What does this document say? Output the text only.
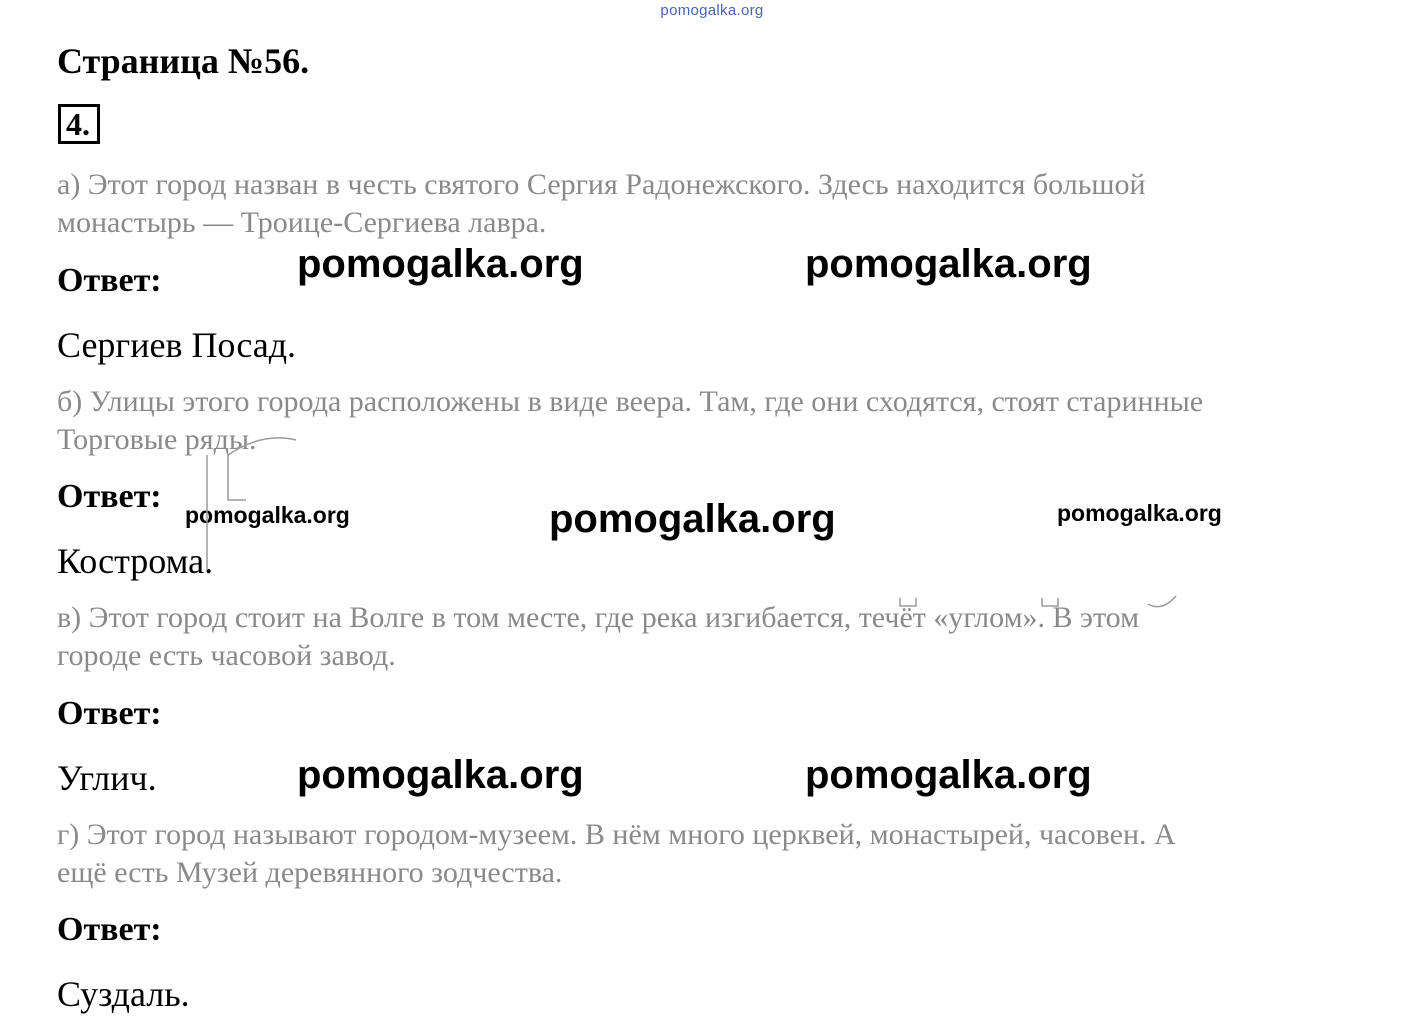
pomogalka.org
Страница №56.
4.
а) Этот город назван в честь святого Сергия Радонежского. Здесь находится большой
монастырь — Троице-Сергиева лавра.
Ответ:
Сергиев Посад.
б) Улицы этого города расположены в виде веера. Там, где они сходятся, стоят старинные
Торговые ряды.
Ответ:
Кострома.
в) Этот город стоит на Волге в том месте, где река изгибается, течёт «углом». В этом
городе есть часовой завод.
Ответ:
Углич.
г) Этот город называют городом-музеем. В нём много церквей, монастырей, часовен. А
ещё есть Музей деревянного зодчества.
Ответ:
Суздаль.
pomogalka.org	pomogalka.org
pomogalka.org	pomogalka.org	pomogalka.org
pomogalka.org	pomogalka.org
